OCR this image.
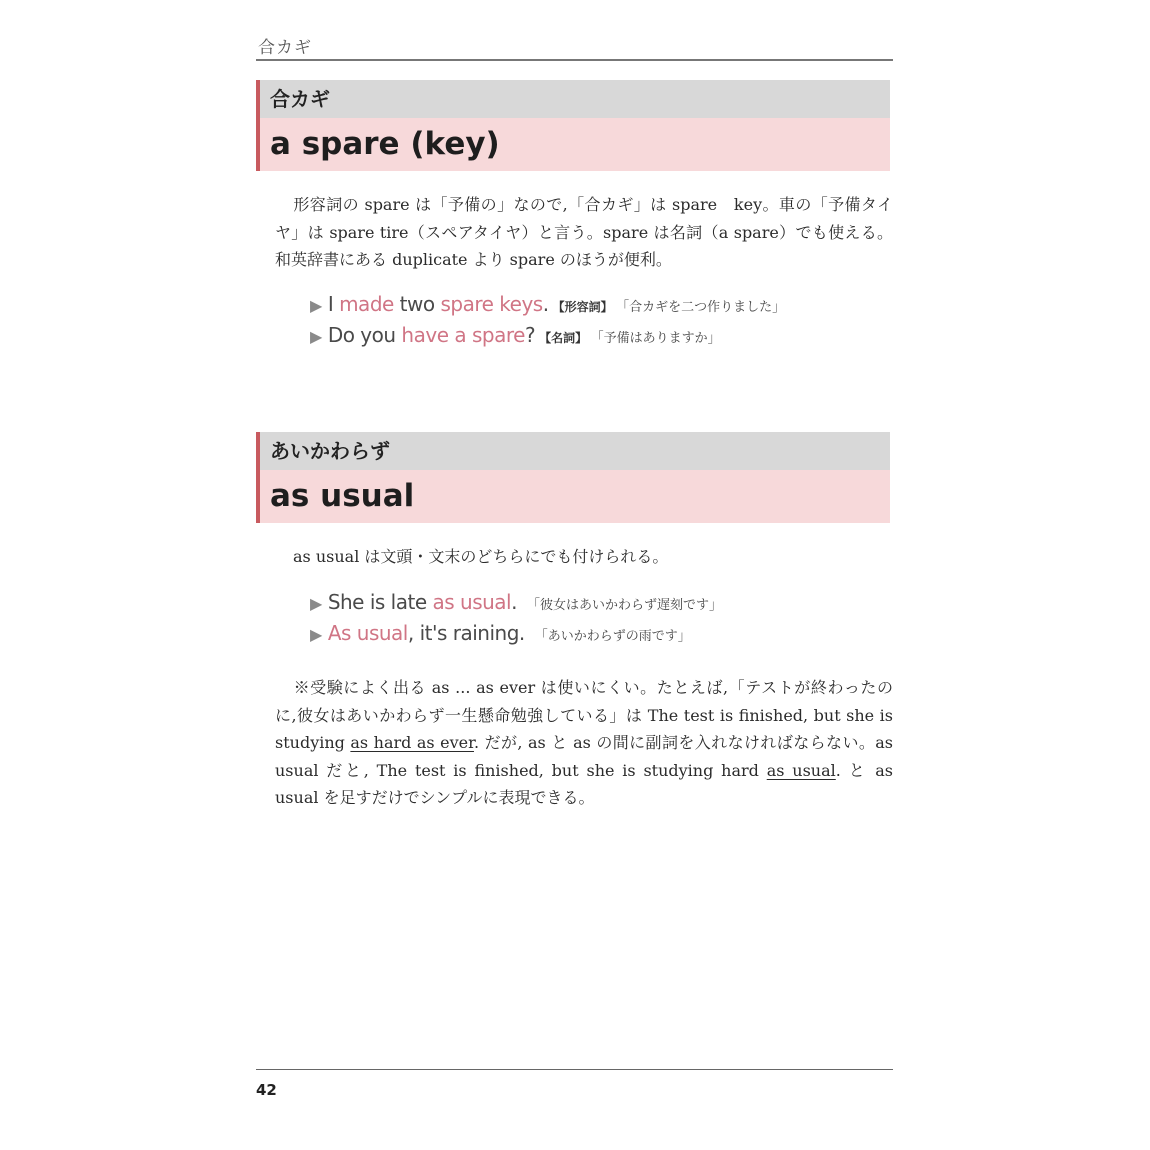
合カギ
合カギ
a spare (key)
形容詞の spare は「予備の」なので,「合カギ」は spare　key。車の「予備タイヤ」は spare tire（スペアタイヤ）と言う。spare は名詞（a spare）でも使える。和英辞書にある duplicate より spare のほうが便利。
▶ I made two spare keys. 【形容詞】 「合カギを二つ作りました」
▶ Do you have a spare? 【名詞】 「予備はありますか」
あいかわらず
as usual
as usual は文頭・文末のどちらにでも付けられる。
▶ She is late as usual. 「彼女はあいかわらず遅刻です」
▶ As usual, it's raining. 「あいかわらずの雨です」
※受験によく出る as ... as ever は使いにくい。たとえば,「テストが終わったのに,彼女はあいかわらず一生懸命勉強している」は The test is finished, but she is studying as hard as ever. だが, as と as の間に副詞を入れなければならない。as usual だと, The test is finished, but she is studying hard as usual. と as usual を足すだけでシンプルに表現できる。
42
